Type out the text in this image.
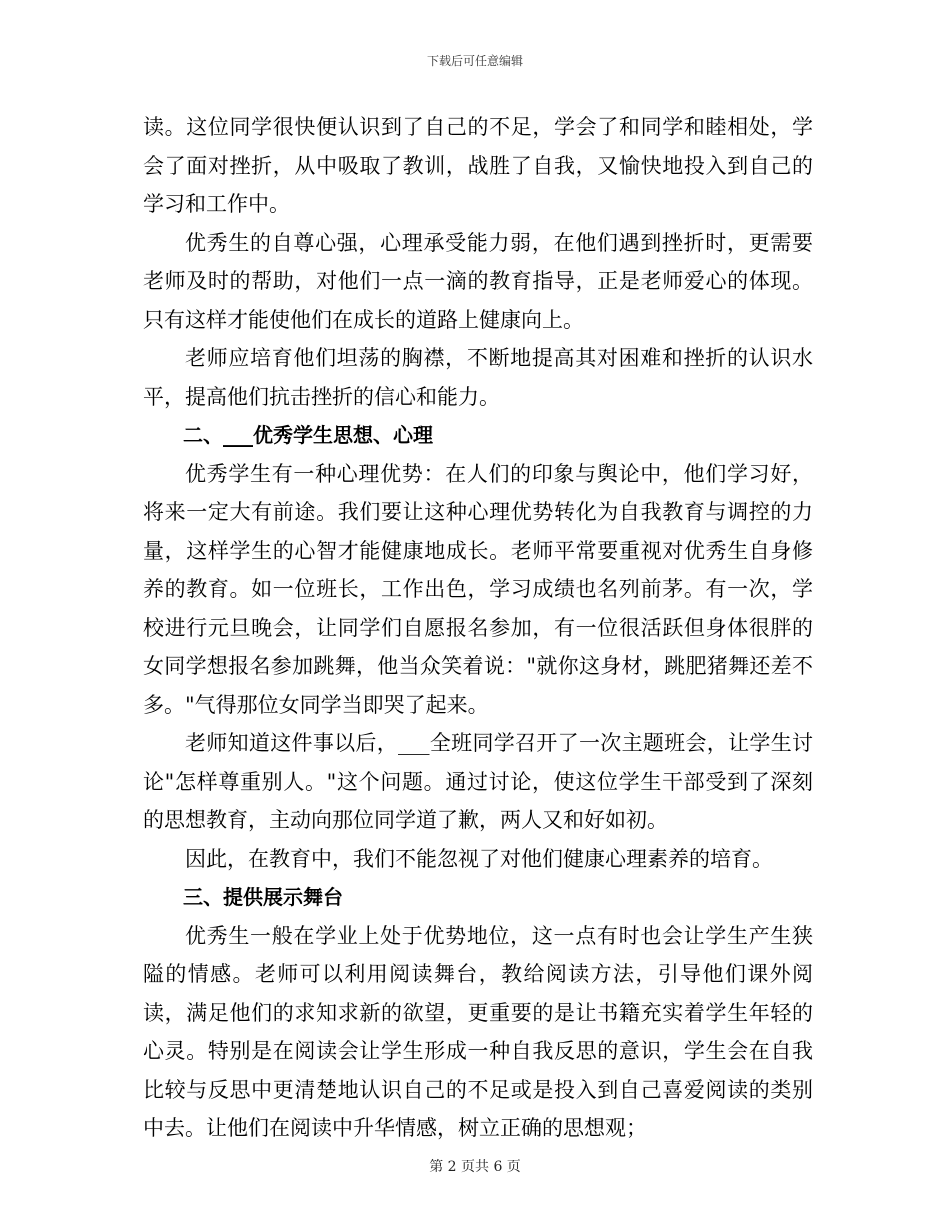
下载后可任意编辑

读。这位同学很快便认识到了自己的不足，学会了和同学和睦相处，学会了面对挫折，从中吸取了教训，战胜了自我，又愉快地投入到自己的学习和工作中。

优秀生的自尊心强，心理承受能力弱，在他们遇到挫折时，更需要老师及时的帮助，对他们一点一滴的教育指导，正是老师爱心的体现。只有这样才能使他们在成长的道路上健康向上。

老师应培育他们坦荡的胸襟，不断地提高其对困难和挫折的认识水平，提高他们抗击挫折的信心和能力。

二、___优秀学生思想、心理

优秀学生有一种心理优势：在人们的印象与舆论中，他们学习好，将来一定大有前途。我们要让这种心理优势转化为自我教育与调控的力量，这样学生的心智才能健康地成长。老师平常要重视对优秀生自身修养的教育。如一位班长，工作出色，学习成绩也名列前茅。有一次，学校进行元旦晚会，让同学们自愿报名参加，有一位很活跃但身体很胖的女同学想报名参加跳舞，他当众笑着说："就你这身材，跳肥猪舞还差不多。"气得那位女同学当即哭了起来。

老师知道这件事以后，___全班同学召开了一次主题班会，让学生讨论"怎样尊重别人。"这个问题。通过讨论，使这位学生干部受到了深刻的思想教育，主动向那位同学道了歉，两人又和好如初。

因此，在教育中，我们不能忽视了对他们健康心理素养的培育。

三、提供展示舞台

优秀生一般在学业上处于优势地位，这一点有时也会让学生产生狭隘的情感。老师可以利用阅读舞台，教给阅读方法，引导他们课外阅读，满足他们的求知求新的欲望，更重要的是让书籍充实着学生年轻的心灵。特别是在阅读会让学生形成一种自我反思的意识，学生会在自我比较与反思中更清楚地认识自己的不足或是投入到自己喜爱阅读的类别中去。让他们在阅读中升华情感，树立正确的思想观；

第 2 页共 6 页
